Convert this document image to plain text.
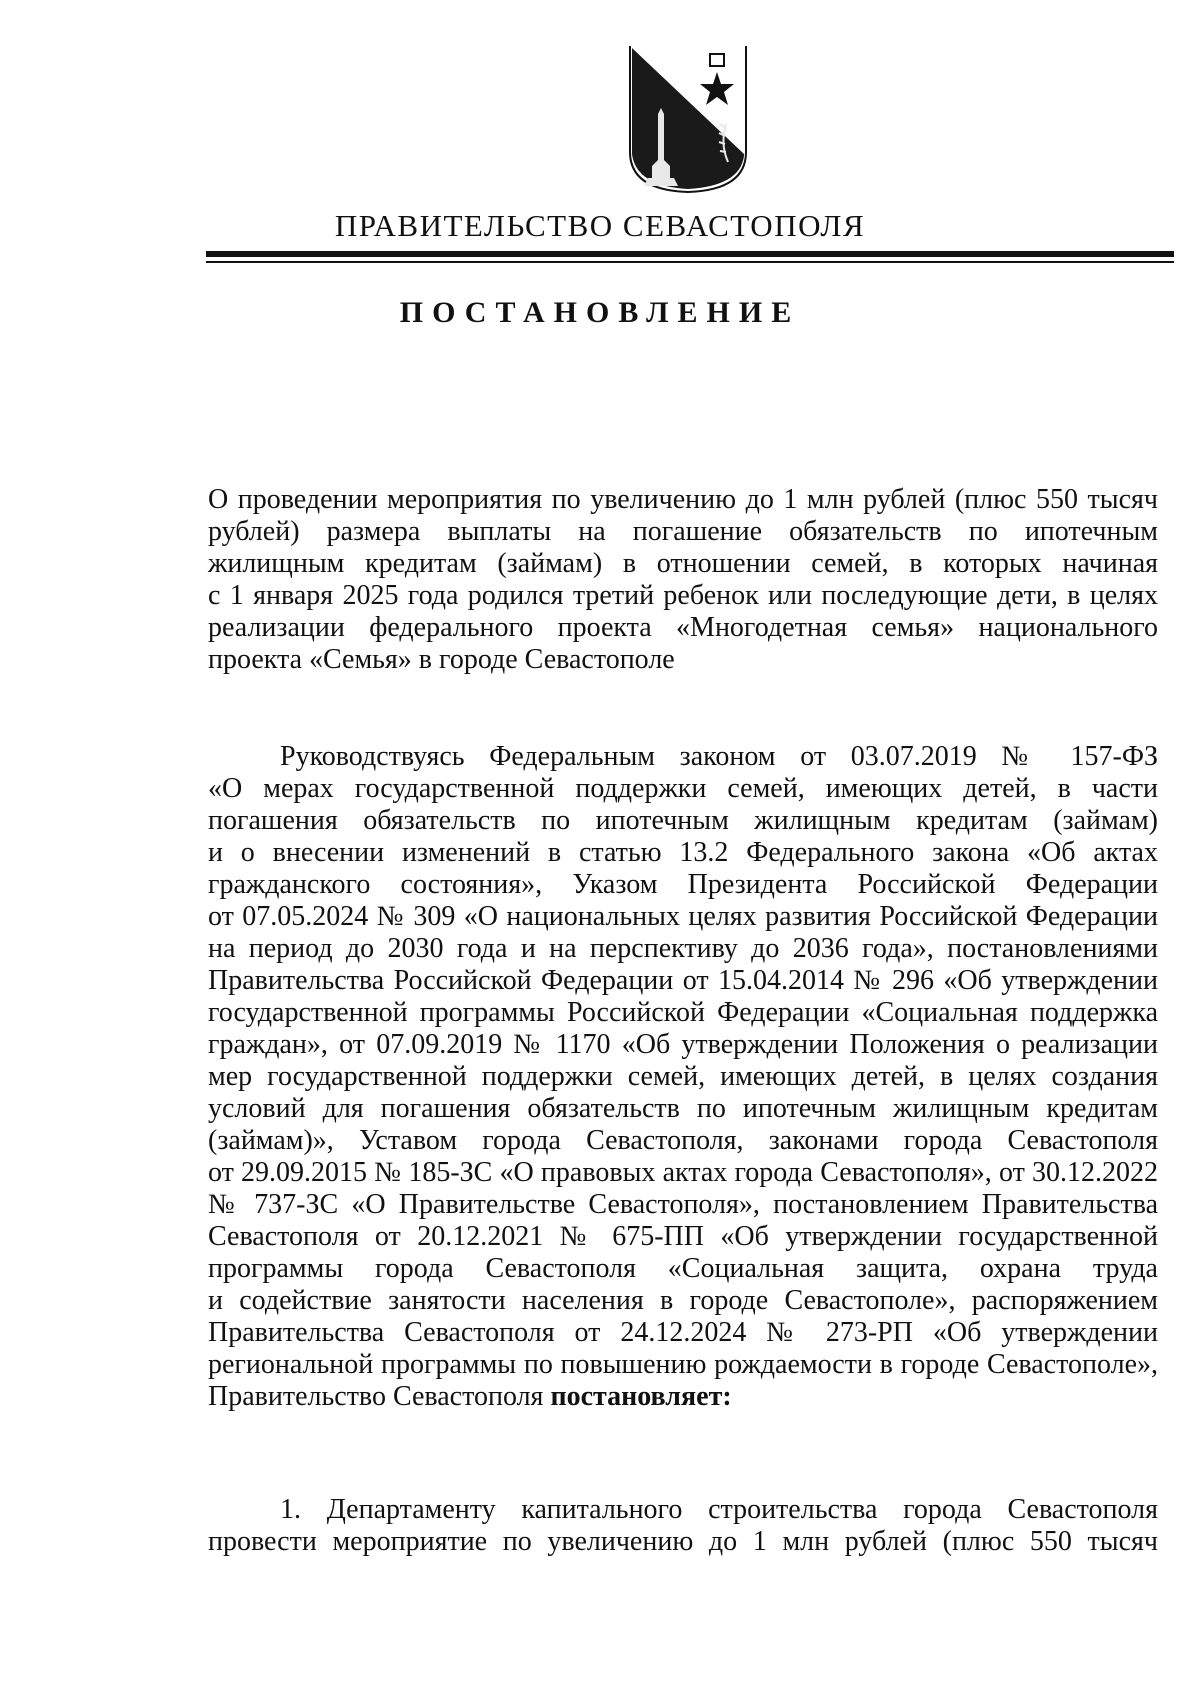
ПРАВИТЕЛЬСТВО СЕВАСТОПОЛЯ
ПОСТАНОВЛЕНИЕ
О проведении мероприятия по увеличению до 1 млн рублей (плюс 550 тысяч
рублей) размера выплаты на погашение обязательств по ипотечным
жилищным кредитам (займам) в отношении семей, в которых начиная
с 1 января 2025 года родился третий ребенок или последующие дети, в целях
реализации федерального проекта «Многодетная семья» национального
проекта «Семья» в городе Севастополе
Руководствуясь Федеральным законом от 03.07.2019 № 157-ФЗ
«О мерах государственной поддержки семей, имеющих детей, в части
погашения обязательств по ипотечным жилищным кредитам (займам)
и о внесении изменений в статью 13.2 Федерального закона «Об актах
гражданского состояния», Указом Президента Российской Федерации
от 07.05.2024 № 309 «О национальных целях развития Российской Федерации
на период до 2030 года и на перспективу до 2036 года», постановлениями
Правительства Российской Федерации от 15.04.2014 № 296 «Об утверждении
государственной программы Российской Федерации «Социальная поддержка
граждан», от 07.09.2019 № 1170 «Об утверждении Положения о реализации
мер государственной поддержки семей, имеющих детей, в целях создания
условий для погашения обязательств по ипотечным жилищным кредитам
(займам)», Уставом города Севастополя, законами города Севастополя
от 29.09.2015 № 185-ЗС «О правовых актах города Севастополя», от 30.12.2022
№ 737-ЗС «О Правительстве Севастополя», постановлением Правительства
Севастополя от 20.12.2021 № 675-ПП «Об утверждении государственной
программы города Севастополя «Социальная защита, охрана труда
и содействие занятости населения в городе Севастополе», распоряжением
Правительства Севастополя от 24.12.2024 № 273-РП «Об утверждении
региональной программы по повышению рождаемости в городе Севастополе»,
Правительство Севастополя постановляет:
1. Департаменту капитального строительства города Севастополя
провести мероприятие по увеличению до 1 млн рублей (плюс 550 тысяч
